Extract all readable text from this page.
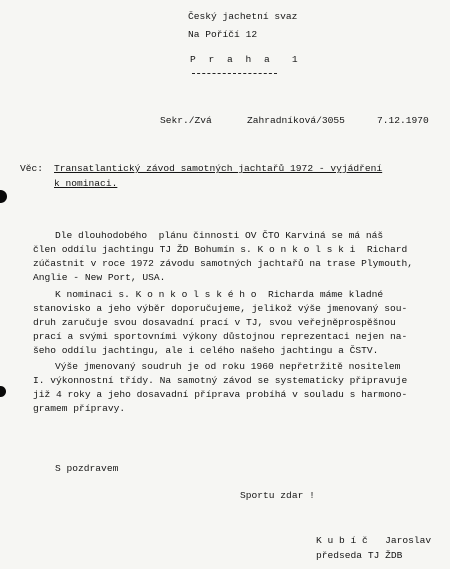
Český jachetní svaz
Na Poříčí 12
P r a h a  1
Sekr./Zvá	Zahradníková/3055	7.12.1970
Věc: Transatlantický závod samotných jachtařů 1972 - vyjádření
k nominaci.
Dle dlouhodobého  plánu činnosti OV ČTO Karviná se má náš
člen oddílu jachtingu TJ ŽD Bohumín s. K o n k o l s k i  Richard
zúčastnit v roce 1972 závodu samotných jachtařů na trase Plymouth,
Anglie - New Port, USA.
K nominaci s. K o n k o l s k é h o  Richarda máme kladné
stanovisko a jeho výběr doporučujeme, jelikož výše jmenovaný sou-
druh zaručuje svou dosavadní prací v TJ, svou veřejněprospěšnou
prací a svými sportovními výkony důstojnou reprezentaci nejen na-
šeho oddílu jachtingu, ale i celého našeho jachtingu a ČSTV.
Výše jmenovaný soudruh je od roku 1960 nepřetržitě nositelem
I. výkonnostní třídy. Na samotný závod se systematicky připravuje
již 4 roky a jeho dosavadní příprava probíhá v souladu s harmono-
gramem přípravy.
S pozdravem
Sportu zdar !
K u b í č   Jaroslav
předseda TJ ŽDB
